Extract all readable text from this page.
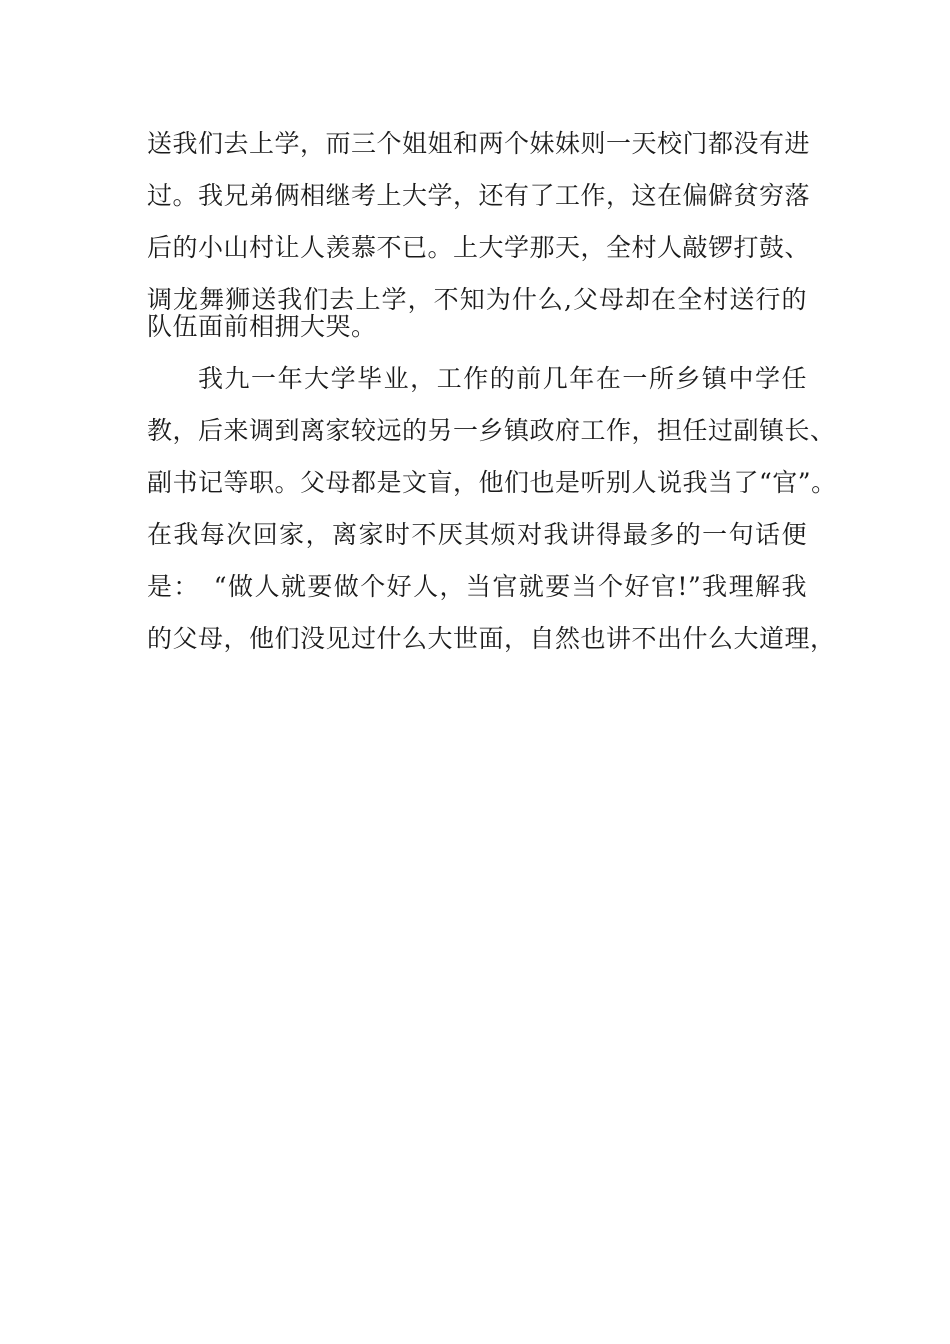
送我们去上学，而三个姐姐和两个妹妹则一天校门都没有进
过。我兄弟俩相继考上大学，还有了工作，这在偏僻贫穷落
后的小山村让人羡慕不已。上大学那天，全村人敲锣打鼓、
调龙舞狮送我们去上学，不知为什么,父母却在全村送行的
队伍面前相拥大哭。
我九一年大学毕业，工作的前几年在一所乡镇中学任
教，后来调到离家较远的另一乡镇政府工作，担任过副镇长、
副书记等职。父母都是文盲，他们也是听别人说我当了“官”。
在我每次回家，离家时不厌其烦对我讲得最多的一句话便
是：　“做人就要做个好人，当官就要当个好官!”我理解我
的父母，他们没见过什么大世面，自然也讲不出什么大道理，
